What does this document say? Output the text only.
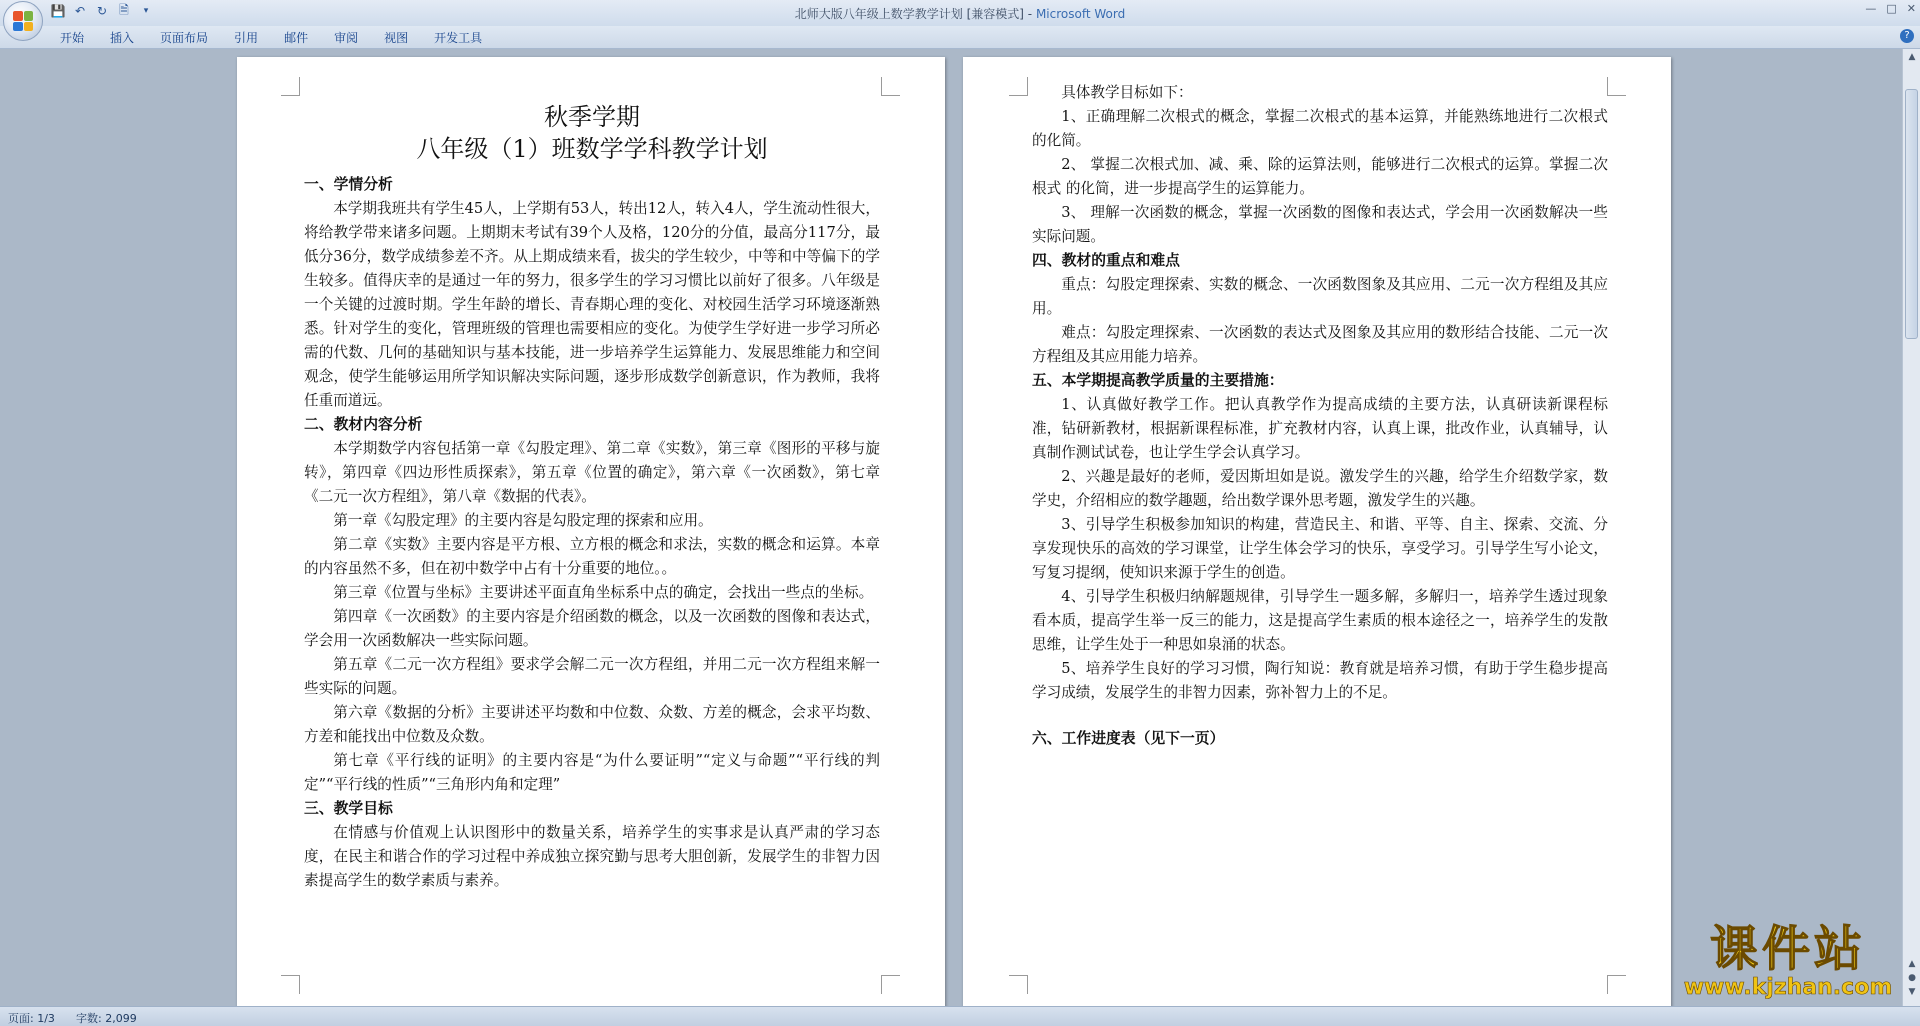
💾 ↶ ↻ 🗎	▾	北师大版八年级上数学教学计划 [兼容模式] - Microsoft Word	— □ ✕
开始 插入 页面布局 引用 邮件 审阅 视图 开发工具	?
秋季学期
八年级（1）班数学学科教学计划
一、学情分析

本学期我班共有学生45人，上学期有53人，转出12人，转入4人，学生流动性很大，将给教学带来诸多问题。上期期末考试有39个人及格，120分的分值，最高分117分，最低分36分，数学成绩参差不齐。从上期成绩来看，拔尖的学生较少，中等和中等偏下的学生较多。值得庆幸的是通过一年的努力，很多学生的学习习惯比以前好了很多。八年级是一个关键的过渡时期。学生年龄的增长、青春期心理的变化、对校园生活学习环境逐渐熟悉。针对学生的变化，管理班级的管理也需要相应的变化。为使学生学好进一步学习所必需的代数、几何的基础知识与基本技能，进一步培养学生运算能力、发展思维能力和空间观念，使学生能够运用所学知识解决实际问题，逐步形成数学创新意识，作为教师，我将任重而道远。

二、教材内容分析

本学期数学内容包括第一章《勾股定理》、第二章《实数》，第三章《图形的平移与旋转》，第四章《四边形性质探索》，第五章《位置的确定》，第六章《一次函数》，第七章《二元一次方程组》，第八章《数据的代表》。

第一章《勾股定理》的主要内容是勾股定理的探索和应用。

第二章《实数》主要内容是平方根、立方根的概念和求法，实数的概念和运算。本章的内容虽然不多，但在初中数学中占有十分重要的地位。。

第三章《位置与坐标》主要讲述平面直角坐标系中点的确定，会找出一些点的坐标。

第四章《一次函数》的主要内容是介绍函数的概念，以及一次函数的图像和表达式，学会用一次函数解决一些实际问题。

第五章《二元一次方程组》要求学会解二元一次方程组，并用二元一次方程组来解一些实际的问题。

第六章《数据的分析》主要讲述平均数和中位数、众数、方差的概念，会求平均数、方差和能找出中位数及众数。

第七章《平行线的证明》的主要内容是“为什么要证明”“定义与命题”“平行线的判定”“平行线的性质”“三角形内角和定理”

三、教学目标

在情感与价值观上认识图形中的数量关系，培养学生的实事求是认真严肃的学习态度，在民主和谐合作的学习过程中养成独立探究勤与思考大胆创新，发展学生的非智力因素提高学生的数学素质与素养。

具体教学目标如下：

1、正确理解二次根式的概念，掌握二次根式的基本运算，并能熟练地进行二次根式的化简。

2、 掌握二次根式加、减、乘、除的运算法则，能够进行二次根式的运算。掌握二次根式 的化简，进一步提高学生的运算能力。

3、 理解一次函数的概念，掌握一次函数的图像和表达式，学会用一次函数解决一些实际问题。

四、教材的重点和难点

重点：勾股定理探索、实数的概念、一次函数图象及其应用、二元一次方程组及其应用。

难点：勾股定理探索、一次函数的表达式及图象及其应用的数形结合技能、二元一次方程组及其应用能力培养。

五、本学期提高教学质量的主要措施：

1、认真做好教学工作。把认真教学作为提高成绩的主要方法，认真研读新课程标准，钻研新教材，根据新课程标准，扩充教材内容，认真上课，批改作业，认真辅导，认真制作测试试卷，也让学生学会认真学习。

2、兴趣是最好的老师，爱因斯坦如是说。激发学生的兴趣，给学生介绍数学家，数学史，介绍相应的数学趣题，给出数学课外思考题，激发学生的兴趣。

3、引导学生积极参加知识的构建，营造民主、和谐、平等、自主、探索、交流、分享发现快乐的高效的学习课堂，让学生体会学习的快乐，享受学习。引导学生写小论文，写复习提纲，使知识来源于学生的创造。

4、引导学生积极归纳解题规律，引导学生一题多解，多解归一，培养学生透过现象看本质，提高学生举一反三的能力，这是提高学生素质的根本途径之一，培养学生的发散思维，让学生处于一种思如泉涌的状态。

5、培养学生良好的学习习惯，陶行知说：教育就是培养习惯，有助于学生稳步提高学习成绩，发展学生的非智力因素，弥补智力上的不足。

六、工作进度表（见下一页）
▲
▲
●
▼
页面: 1/3 字数: 2,099
课件站
www.kjzhan.com
